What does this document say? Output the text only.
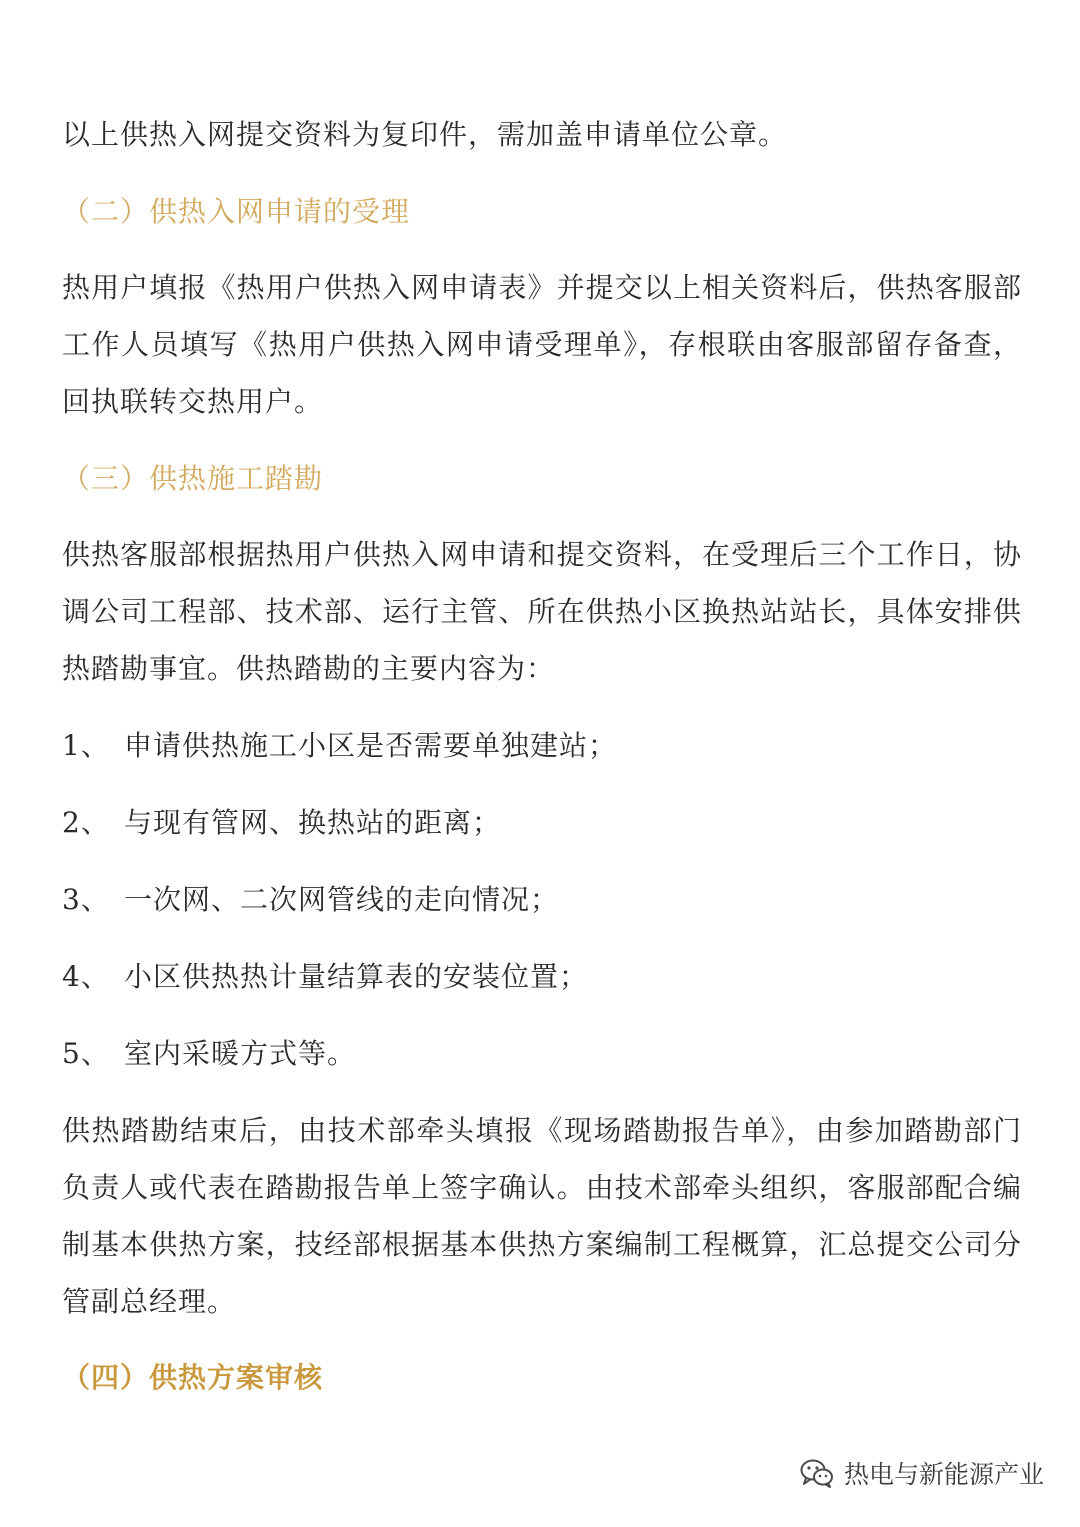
以上供热入网提交资料为复印件，需加盖申请单位公章。

（二）供热入网申请的受理

热用户填报《热用户供热入网申请表》并提交以上相关资料后，供热客服部工作人员填写《热用户供热入网申请受理单》，存根联由客服部留存备查，回执联转交热用户。

（三）供热施工踏勘

供热客服部根据热用户供热入网申请和提交资料，在受理后三个工作日，协调公司工程部、技术部、运行主管、所在供热小区换热站站长，具体安排供热踏勘事宜。供热踏勘的主要内容为：

1、 申请供热施工小区是否需要单独建站；
2、 与现有管网、换热站的距离；
3、 一次网、二次网管线的走向情况；
4、 小区供热热计量结算表的安装位置；
5、 室内采暖方式等。

供热踏勘结束后，由技术部牵头填报《现场踏勘报告单》，由参加踏勘部门负责人或代表在踏勘报告单上签字确认。由技术部牵头组织，客服部配合编制基本供热方案，技经部根据基本供热方案编制工程概算，汇总提交公司分管副总经理。

（四）供热方案审核

热电与新能源产业
